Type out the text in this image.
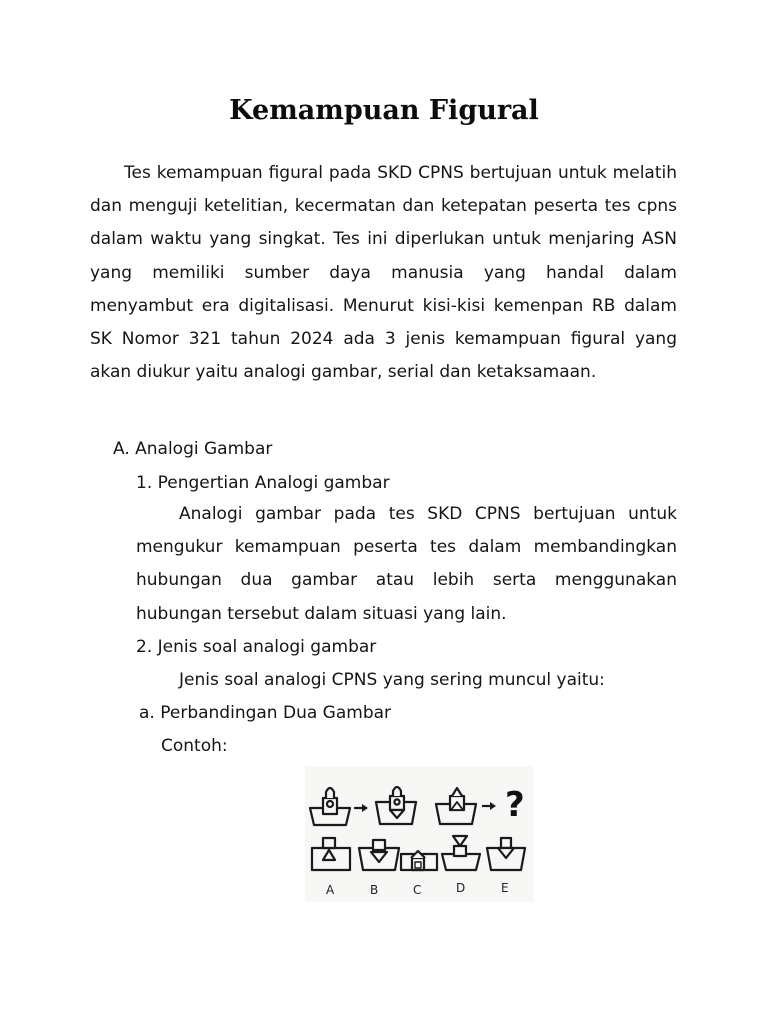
Kemampuan Figural

Tes kemampuan figural pada SKD CPNS bertujuan untuk melatih dan menguji ketelitian, kecermatan dan ketepatan peserta tes cpns dalam waktu yang singkat. Tes ini diperlukan untuk menjaring ASN yang memiliki sumber daya manusia yang handal dalam menyambut era digitalisasi. Menurut kisi-kisi kemenpan RB dalam SK Nomor 321 tahun 2024 ada 3 jenis kemampuan figural yang akan diukur yaitu analogi gambar, serial dan ketaksamaan.

A. Analogi Gambar

1. Pengertian Analogi gambar

Analogi gambar pada tes SKD CPNS bertujuan untuk mengukur kemampuan peserta tes dalam membandingkan hubungan dua gambar atau lebih serta menggunakan hubungan tersebut dalam situasi yang lain.

2. Jenis soal analogi gambar

Jenis soal analogi CPNS yang sering muncul yaitu:

a. Perbandingan Dua Gambar

Contoh:

?
A	B	C	D	E
